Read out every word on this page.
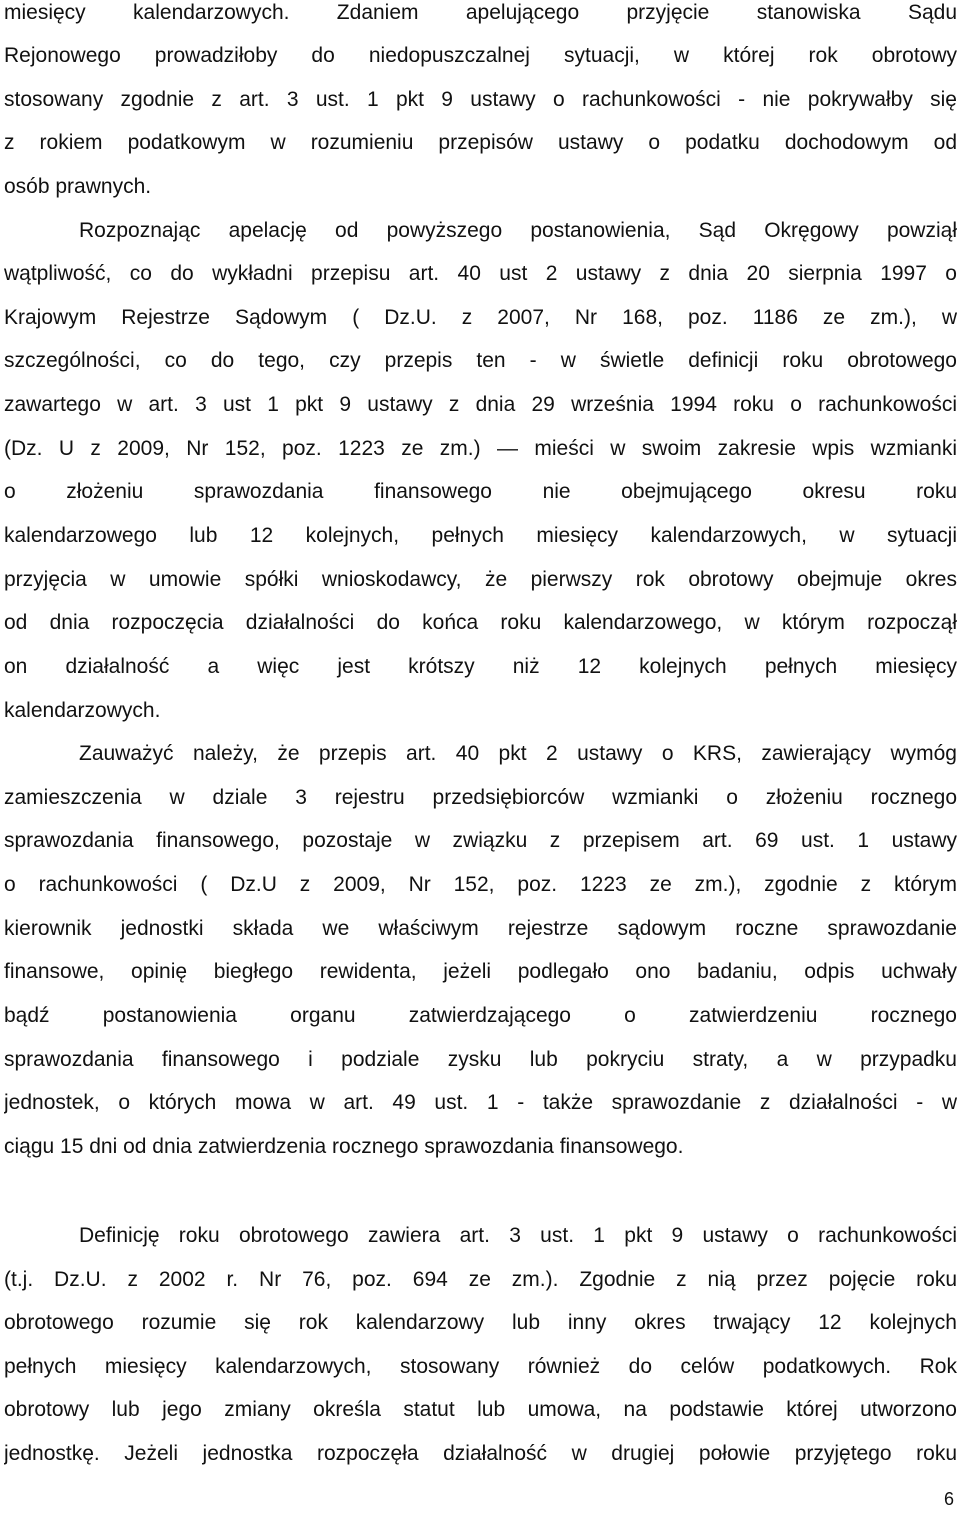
miesięcy kalendarzowych. Zdaniem apelującego przyjęcie stanowiska Sądu
Rejonowego prowadziłoby do niedopuszczalnej sytuacji, w której rok obrotowy
stosowany zgodnie z art. 3 ust. 1 pkt 9 ustawy o rachunkowości - nie pokrywałby się
z rokiem podatkowym w rozumieniu przepisów ustawy o podatku dochodowym od
osób prawnych.
Rozpoznając apelację od powyższego postanowienia, Sąd Okręgowy powziął
wątpliwość, co do wykładni przepisu art. 40 ust 2 ustawy z dnia 20 sierpnia 1997 o
Krajowym Rejestrze Sądowym ( Dz.U. z 2007, Nr 168, poz. 1186 ze zm.), w
szczególności, co do tego, czy przepis ten - w świetle definicji roku obrotowego
zawartego w art. 3 ust 1 pkt 9 ustawy z dnia 29 września 1994 roku o rachunkowości
(Dz. U z 2009, Nr 152, poz. 1223 ze zm.) — mieści w swoim zakresie wpis wzmianki
o złożeniu sprawozdania finansowego nie obejmującego okresu roku
kalendarzowego lub 12 kolejnych, pełnych miesięcy kalendarzowych, w sytuacji
przyjęcia w umowie spółki wnioskodawcy, że pierwszy rok obrotowy obejmuje okres
od dnia rozpoczęcia działalności do końca roku kalendarzowego, w którym rozpoczął
on działalność a więc jest krótszy niż 12 kolejnych pełnych miesięcy
kalendarzowych.
Zauważyć należy, że przepis art. 40 pkt 2 ustawy o KRS, zawierający wymóg
zamieszczenia w dziale 3 rejestru przedsiębiorców wzmianki o złożeniu rocznego
sprawozdania finansowego, pozostaje w związku z przepisem art. 69 ust. 1 ustawy
o rachunkowości ( Dz.U z 2009, Nr 152, poz. 1223 ze zm.), zgodnie z którym
kierownik jednostki składa we właściwym rejestrze sądowym roczne sprawozdanie
finansowe, opinię biegłego rewidenta, jeżeli podlegało ono badaniu, odpis uchwały
bądź postanowienia organu zatwierdzającego o zatwierdzeniu rocznego
sprawozdania finansowego i podziale zysku lub pokryciu straty, a w przypadku
jednostek, o których mowa w art. 49 ust. 1 - także sprawozdanie z działalności - w
ciągu 15 dni od dnia zatwierdzenia rocznego sprawozdania finansowego.
Definicję roku obrotowego zawiera art. 3 ust. 1 pkt 9 ustawy o rachunkowości
(t.j. Dz.U. z 2002 r. Nr 76, poz. 694 ze zm.). Zgodnie z nią przez pojęcie roku
obrotowego rozumie się rok kalendarzowy lub inny okres trwający 12 kolejnych
pełnych miesięcy kalendarzowych, stosowany również do celów podatkowych. Rok
obrotowy lub jego zmiany określa statut lub umowa, na podstawie której utworzono
jednostkę. Jeżeli jednostka rozpoczęła działalność w drugiej połowie przyjętego roku
6
